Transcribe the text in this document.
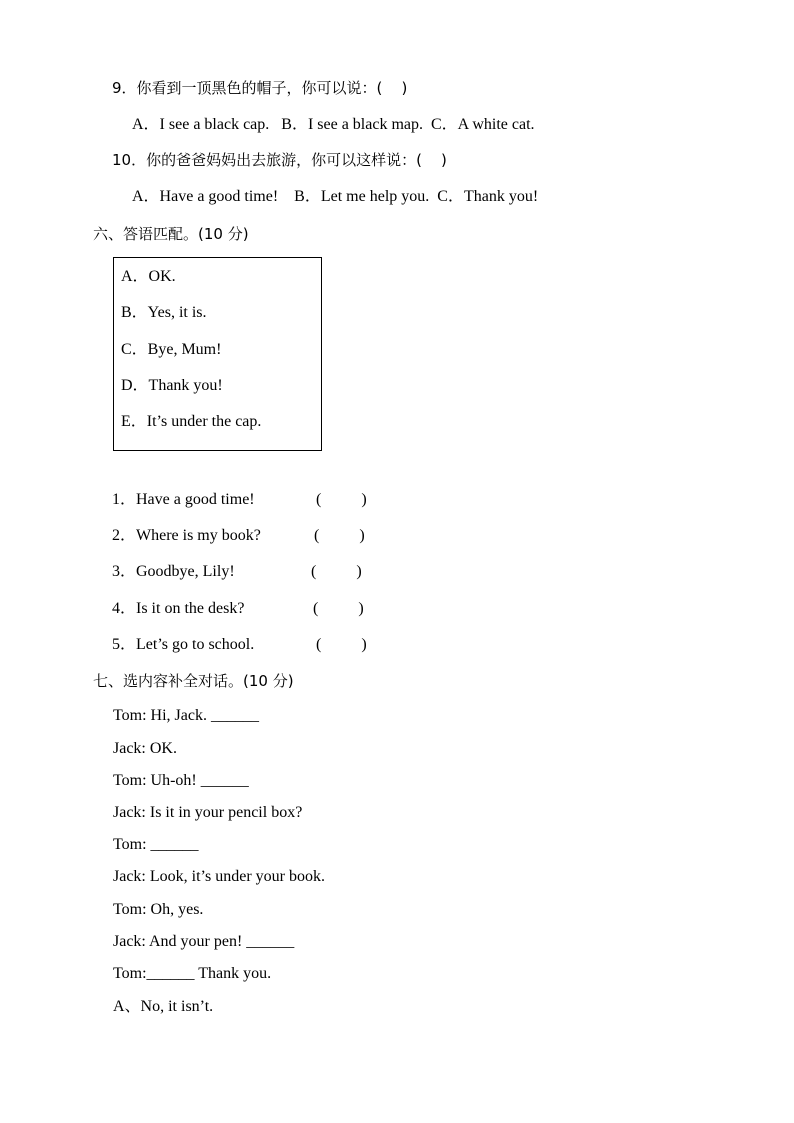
9．你看到一顶黑色的帽子，你可以说：(    )
A．I see a black cap.   B．I see a black map.  C．A white cat.
10．你的爸爸妈妈出去旅游，你可以这样说：(    )
A．Have a good time!    B．Let me help you.  C．Thank you!
六、答语匹配。(10 分)
A．OK.
B．Yes, it is.
C．Bye, Mum!
D．Thank you!
E．It’s under the cap.
1．Have a good time!	(          )
2．Where is my book?	(          )
3．Goodbye, Lily!	(          )
4．Is it on the desk?	(          )
5．Let’s go to school.	(          )
七、选内容补全对话。(10 分)
Tom: Hi, Jack. ______
Jack: OK.
Tom: Uh-oh! ______
Jack: Is it in your pencil box?
Tom: ______
Jack: Look, it’s under your book.
Tom: Oh, yes.
Jack: And your pen! ______
Tom:______ Thank you.
A、No, it isn’t.
